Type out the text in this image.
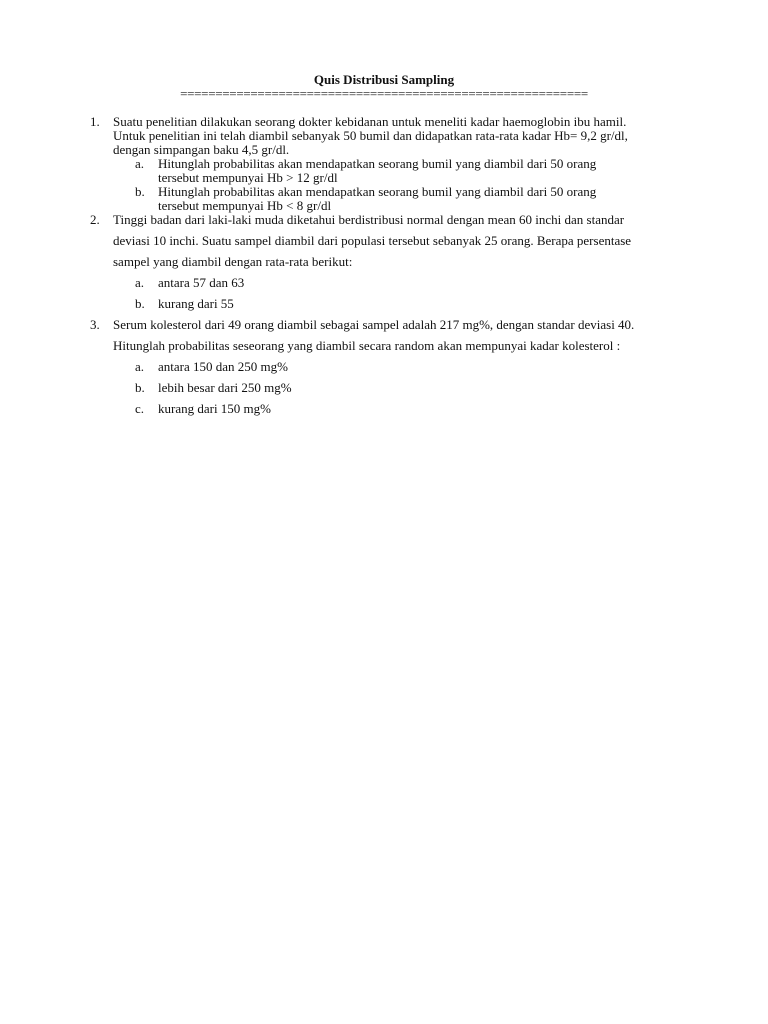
Quis Distribusi Sampling
==========================================================
1. Suatu penelitian dilakukan seorang dokter kebidanan untuk meneliti kadar haemoglobin ibu hamil. Untuk penelitian ini telah diambil sebanyak 50 bumil dan didapatkan rata-rata kadar Hb= 9,2 gr/dl, dengan simpangan baku 4,5 gr/dl.
a. Hitunglah probabilitas akan mendapatkan seorang bumil yang diambil dari 50 orang tersebut mempunyai Hb > 12 gr/dl
b. Hitunglah probabilitas akan mendapatkan seorang bumil yang diambil dari 50 orang tersebut mempunyai Hb < 8 gr/dl
2. Tinggi badan dari laki-laki muda diketahui berdistribusi normal dengan mean 60 inchi dan standar deviasi 10 inchi. Suatu sampel diambil dari populasi tersebut sebanyak 25 orang. Berapa persentase sampel yang diambil dengan rata-rata berikut:
a. antara 57 dan 63
b. kurang dari 55
3. Serum kolesterol dari 49 orang diambil sebagai sampel adalah 217 mg%, dengan standar deviasi 40. Hitunglah probabilitas seseorang yang diambil secara random akan mempunyai kadar kolesterol :
a. antara 150 dan 250 mg%
b. lebih besar dari 250 mg%
c. kurang dari 150 mg%
